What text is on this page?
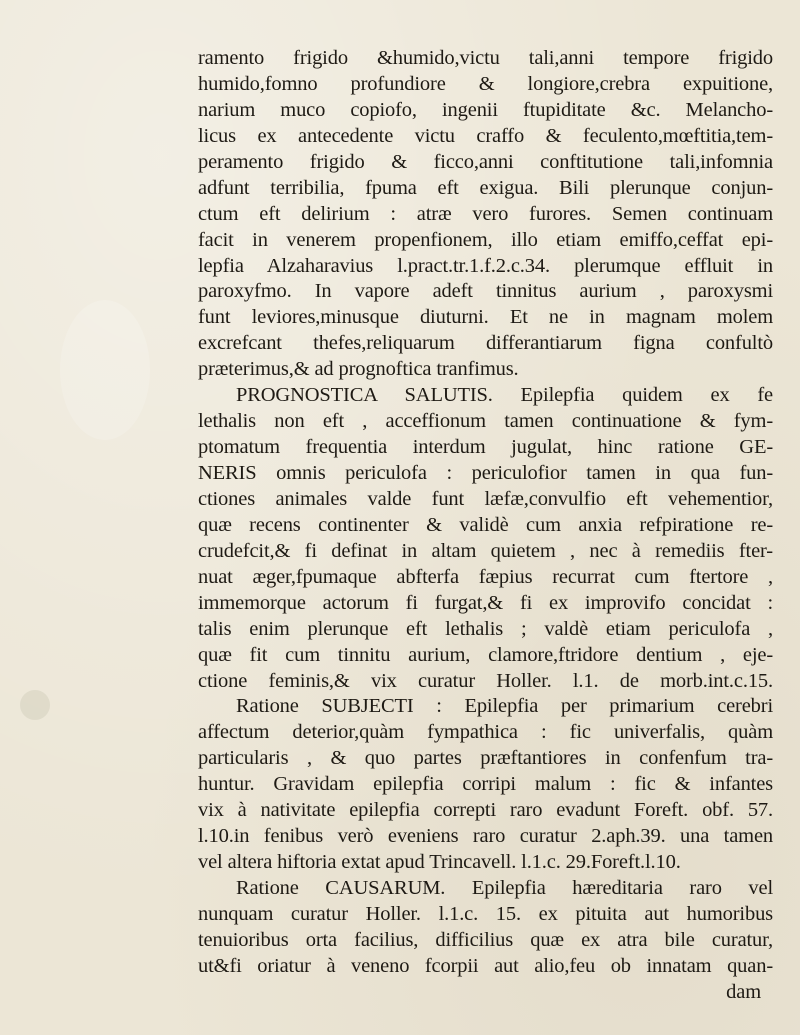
ramento frigido &humido,victu tali,anni tempore frigido
humido,fomno profundiore & longiore,crebra expuitione,
narium muco copiofo, ingenii ftupiditate &c. Melancho-
licus ex antecedente victu craffo & feculento,mœftitia,tem-
peramento frigido & ficco,anni conftitutione tali,infomnia
adfunt terribilia, fpuma eft exigua. Bili plerunque conjun-
ctum eft delirium : atræ vero furores. Semen continuam
facit in venerem propenfionem, illo etiam emiffo,ceffat epi-
lepfia Alzaharavius l.pract.tr.1.f.2.c.34. plerumque effluit in
paroxyfmo. In vapore adeft tinnitus aurium , paroxysmi
funt leviores,minusque diuturni. Et ne in magnam molem
excrefcant thefes,reliquarum differantiarum figna confultò
præterimus,& ad prognoftica tranfimus.
PROGNOSTICA SALUTIS. Epilepfia quidem ex fe
lethalis non eft , acceffionum tamen continuatione & fym-
ptomatum frequentia interdum jugulat, hinc ratione GE-
NERIS omnis periculofa : periculofior tamen in qua fun-
ctiones animales valde funt læfæ,convulfio eft vehementior,
quæ recens continenter & validè cum anxia refpiratione re-
crudefcit,& fi definat in altam quietem , nec à remediis fter-
nuat æger,fpumaque abfterfa fæpius recurrat cum ftertore ,
immemorque actorum fi furgat,& fi ex improvifo concidat :
talis enim plerunque eft lethalis ; valdè etiam periculofa ,
quæ fit cum tinnitu aurium, clamore,ftridore dentium , eje-
ctione feminis,& vix curatur Holler. l.1. de morb.int.c.15.
Ratione SUBJECTI : Epilepfia per primarium cerebri
affectum deterior,quàm fympathica : fic univerfalis, quàm
particularis , & quo partes præftantiores in confenfum tra-
huntur. Gravidam epilepfia corripi malum : fic & infantes
vix à nativitate epilepfia correpti raro evadunt Foreft. obf. 57.
l.10.in fenibus verò eveniens raro curatur 2.aph.39. una tamen
vel altera hiftoria extat apud Trincavell. l.1.c. 29.Foreft.l.10.
Ratione CAUSARUM. Epilepfia hæreditaria raro vel
nunquam curatur Holler. l.1.c. 15. ex pituita aut humoribus
tenuioribus orta facilius, difficilius quæ ex atra bile curatur,
ut&fi oriatur à veneno fcorpii aut alio,feu ob innatam quan-
dam
